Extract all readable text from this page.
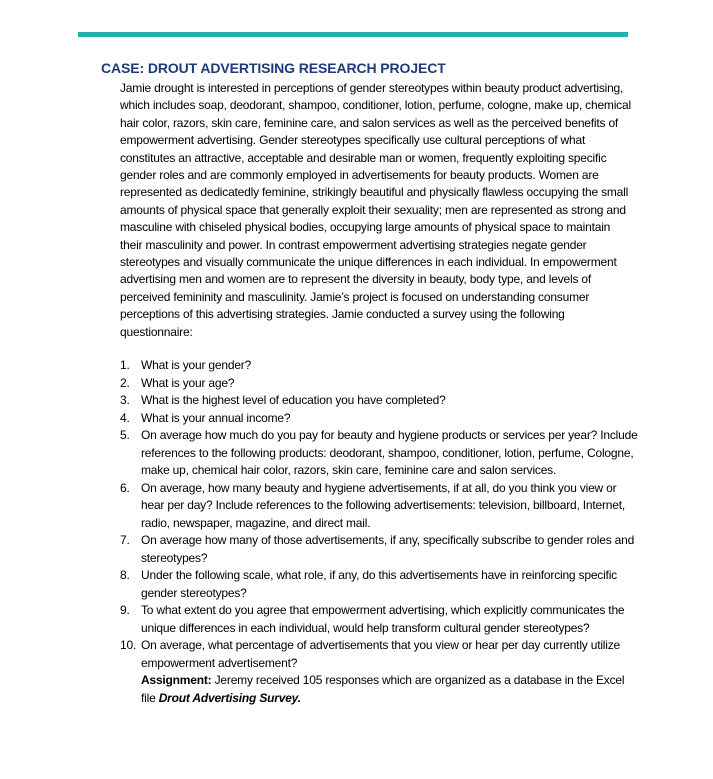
CASE: DROUT ADVERTISING RESEARCH PROJECT

Jamie drought is interested in perceptions of gender stereotypes within beauty product advertising, which includes soap, deodorant, shampoo, conditioner, lotion, perfume, cologne, make up, chemical hair color, razors, skin care, feminine care, and salon services as well as the perceived benefits of empowerment advertising. Gender stereotypes specifically use cultural perceptions of what constitutes an attractive, acceptable and desirable man or women, frequently exploiting specific gender roles and are commonly employed in advertisements for beauty products. Women are represented as dedicatedly feminine, strikingly beautiful and physically flawless occupying the small amounts of physical space that generally exploit their sexuality; men are represented as strong and masculine with chiseled physical bodies, occupying large amounts of physical space to maintain their masculinity and power. In contrast empowerment advertising strategies negate gender stereotypes and visually communicate the unique differences in each individual. In empowerment advertising men and women are to represent the diversity in beauty, body type, and levels of perceived femininity and masculinity. Jamie’s project is focused on understanding consumer perceptions of this advertising strategies. Jamie conducted a survey using the following questionnaire:

1. What is your gender?
2. What is your age?
3. What is the highest level of education you have completed?
4. What is your annual income?
5. On average how much do you pay for beauty and hygiene products or services per year? Include references to the following products: deodorant, shampoo, conditioner, lotion, perfume, Cologne, make up, chemical hair color, razors, skin care, feminine care and salon services.
6. On average, how many beauty and hygiene advertisements, if at all, do you think you view or hear per day? Include references to the following advertisements: television, billboard, Internet, radio, newspaper, magazine, and direct mail.
7. On average how many of those advertisements, if any, specifically subscribe to gender roles and stereotypes?
8. Under the following scale, what role, if any, do this advertisements have in reinforcing specific gender stereotypes?
9. To what extent do you agree that empowerment advertising, which explicitly communicates the unique differences in each individual, would help transform cultural gender stereotypes?
10. On average, what percentage of advertisements that you view or hear per day currently utilize empowerment advertisement?
Assignment: Jeremy received 105 responses which are organized as a database in the Excel file Drout Advertising Survey.
